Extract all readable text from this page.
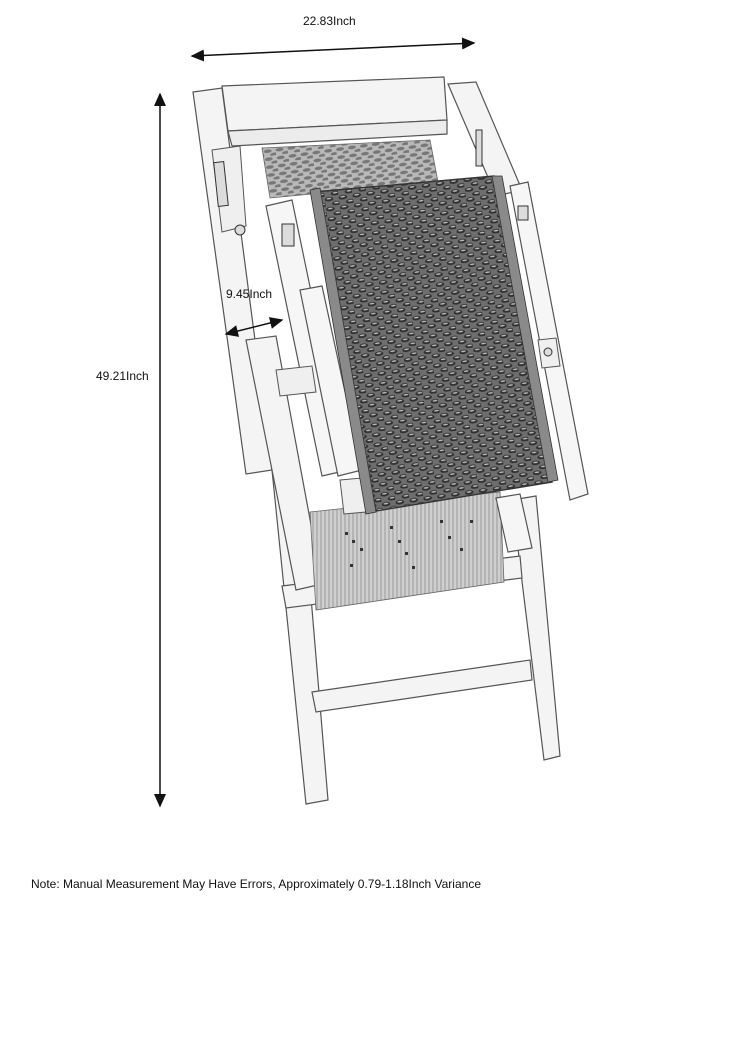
22.83Inch
49.21Inch
9.45Inch
Note: Manual Measurement May Have Errors, Approximately 0.79-1.18Inch Variance
